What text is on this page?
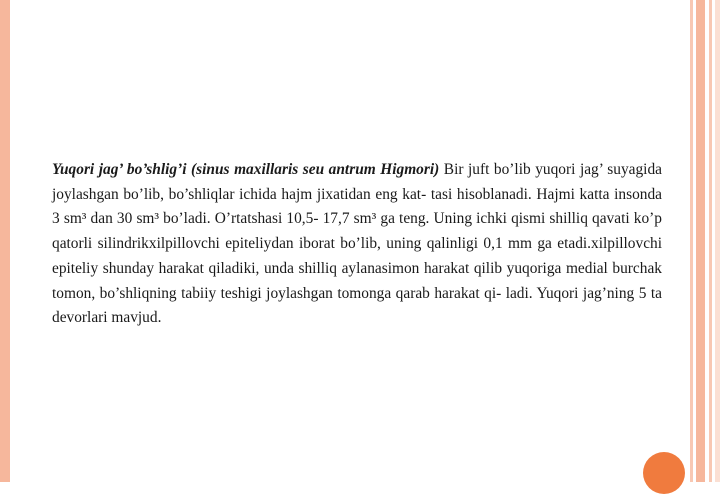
Yuqori jag’ bo’shlig’i (sinus maxillaris seu antrum Higmori) Bir juft bo’lib yuqori jag’ suyagida joylashgan bo’lib, bo’shliqlar ichida hajm jixatidan eng kat- tasi hisoblanadi. Hajmi katta insonda 3 sm³ dan 30 sm³ bo’ladi. O’rtatshasi 10,5- 17,7 sm³ ga teng. Uning ichki qismi shilliq qavati ko’p qatorli silindrikxilpillovchi epiteliydan iborat bo’lib, uning qalinligi 0,1 mm ga etadi.xilpillovchi epiteliy shunday harakat qiladiki, unda shilliq aylanasimon harakat qilib yuqoriga medial burchak tomon, bo’shliqning tabiiy teshigi joylashgan tomonga qarab harakat qi- ladi. Yuqori jag’ning 5 ta devorlari mavjud.
